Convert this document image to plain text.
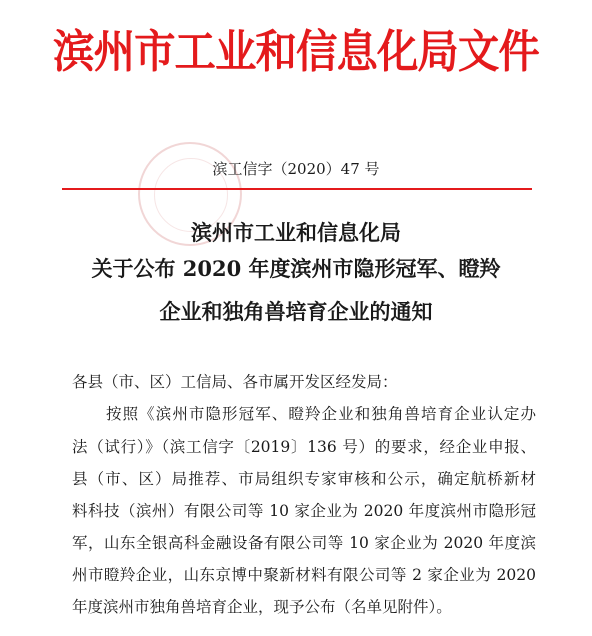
滨州市工业和信息化局文件
滨工信字（2020）47 号
滨州市工业和信息化局
关于公布 2020 年度滨州市隐形冠军、瞪羚
企业和独角兽培育企业的通知
各县（市、区）工信局、各市属开发区经发局：
按照《滨州市隐形冠军、瞪羚企业和独角兽培育企业认定办
法（试行）》（滨工信字〔2019〕136 号）的要求，经企业申报、
县（市、区）局推荐、市局组织专家审核和公示，确定航桥新材
料科技（滨州）有限公司等 10 家企业为 2020 年度滨州市隐形冠
军，山东全银高科金融设备有限公司等 10 家企业为 2020 年度滨
州市瞪羚企业，山东京博中聚新材料有限公司等 2 家企业为 2020
年度滨州市独角兽培育企业，现予公布（名单见附件）。
